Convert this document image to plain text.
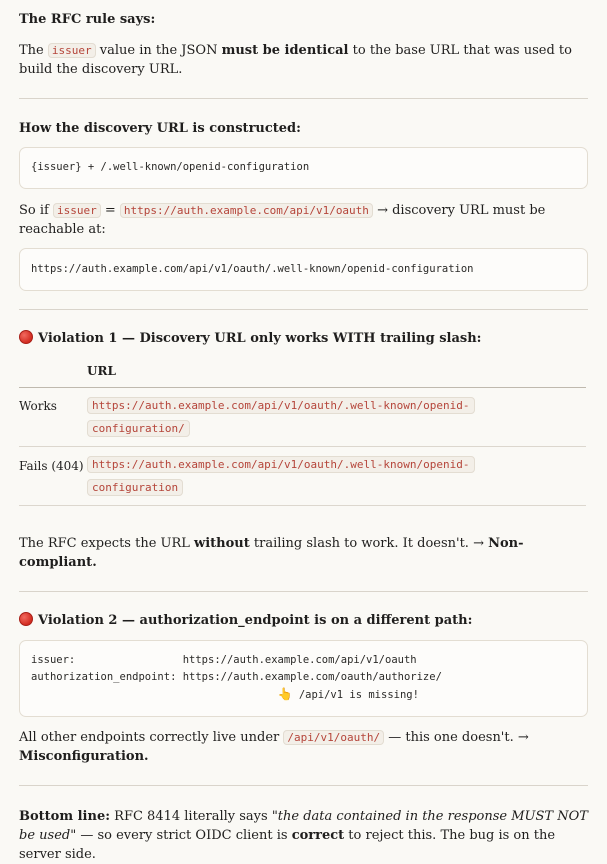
The RFC rule says:

The issuer value in the JSON must be identical to the base URL that was used to build the discovery URL.

How the discovery URL is constructed:
{issuer} + /.well-known/openid-configuration

So if issuer = https://auth.example.com/api/v1/oauth → discovery URL must be reachable at:

https://auth.example.com/api/v1/oauth/.well-known/openid-configuration
Violation 1 — Discovery URL only works WITH trailing slash:
	URL
Works	https://auth.example.com/api/v1/oauth/.well-known/openid-
configuration/
Fails (404)	https://auth.example.com/api/v1/oauth/.well-known/openid-
configuration

The RFC expects the URL without trailing slash to work. It doesn't. → Non-compliant.

Violation 2 — authorization_endpoint is on a different path:
issuer:                 https://auth.example.com/api/v1/oauth
authorization_endpoint: https://auth.example.com/oauth/authorize/
👆 /api/v1 is missing!

All other endpoints correctly live under /api/v1/oauth/ — this one doesn't. → Misconfiguration.

Bottom line: RFC 8414 literally says "the data contained in the response MUST NOT be used" — so every strict OIDC client is correct to reject this. The bug is on the server side.
